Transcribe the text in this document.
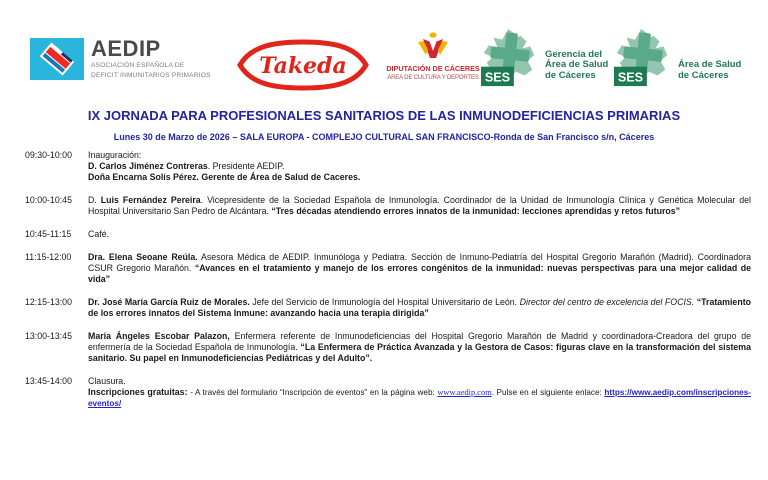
AEDIP
ASOCIACIÓN ESPAÑOLA DE
DEFICIT INMUNITARIOS PRIMARIOS	Takeda	DIPUTACIÓN DE CÁCERES
ÁREA DE CULTURA Y DEPORTES SES
Gerencia del
Área de Salud
de Cáceres	SES
Área de Salud
de Cáceres
IX JORNADA PARA PROFESIONALES SANITARIOS DE LAS INMUNODEFICIENCIAS PRIMARIAS
Lunes 30 de Marzo de 2026 – SALA EUROPA - COMPLEJO CULTURAL SAN FRANCISCO-Ronda de San Francisco s/n, Cáceres
09:30-10:00	Inauguración:

D. Carlos Jiménez Contreras. Presidente AEDIP.

Doña Encarna Solís Pérez. Gerente de Área de Salud de Caceres.

10:00-10:45	D. Luis Fernández Pereira. Vicepresidente de la Sociedad Española de Inmunología. Coordinador de la Unidad de Inmunología Clínica y Genética Molecular del Hospital Universitario San Pedro de Alcántara. “Tres décadas atendiendo errores innatos de la inmunidad: lecciones aprendidas y retos futuros”

10:45-11:15	Café.

11:15-12:00	Dra. Elena Seoane Reúla. Asesora Médica de AEDIP. Inmunóloga y Pediatra. Sección de Inmuno-Pediatría del Hospital Gregorio Marañón (Madrid). Coordinadora CSUR Gregorio Marañón. “Avances en el tratamiento y manejo de los errores congénitos de la inmunidad: nuevas perspectivas para una mejor calidad de vida”

12:15-13:00	Dr. José María García Ruiz de Morales. Jefe del Servicio de Inmunología del Hospital Universitario de León. Director del centro de excelencia del FOCIS. “Tratamiento de los errores innatos del Sistema Inmune: avanzando hacia una terapia dirigida”

13:00-13:45	Maria Ángeles Escobar Palazon, Enfermera referente de Inmunodeficiencias del Hospital Gregorio Marañón de Madrid y coordinadora-Creadora del grupo de enfermería de la Sociedad Española de Inmunología. “La Enfermera de Práctica Avanzada y la Gestora de Casos: figuras clave en la transformación del sistema sanitario. Su papel en Inmunodeficiencias Pediátricas y del Adulto”.

13:45-14:00	Clausura.

Inscripciones gratuitas: - A través del formulario “Inscripción de eventos” en la página web: www.aedip.com. Pulse en el siguiente enlace: https://www.aedip.com/inscripciones-eventos/
